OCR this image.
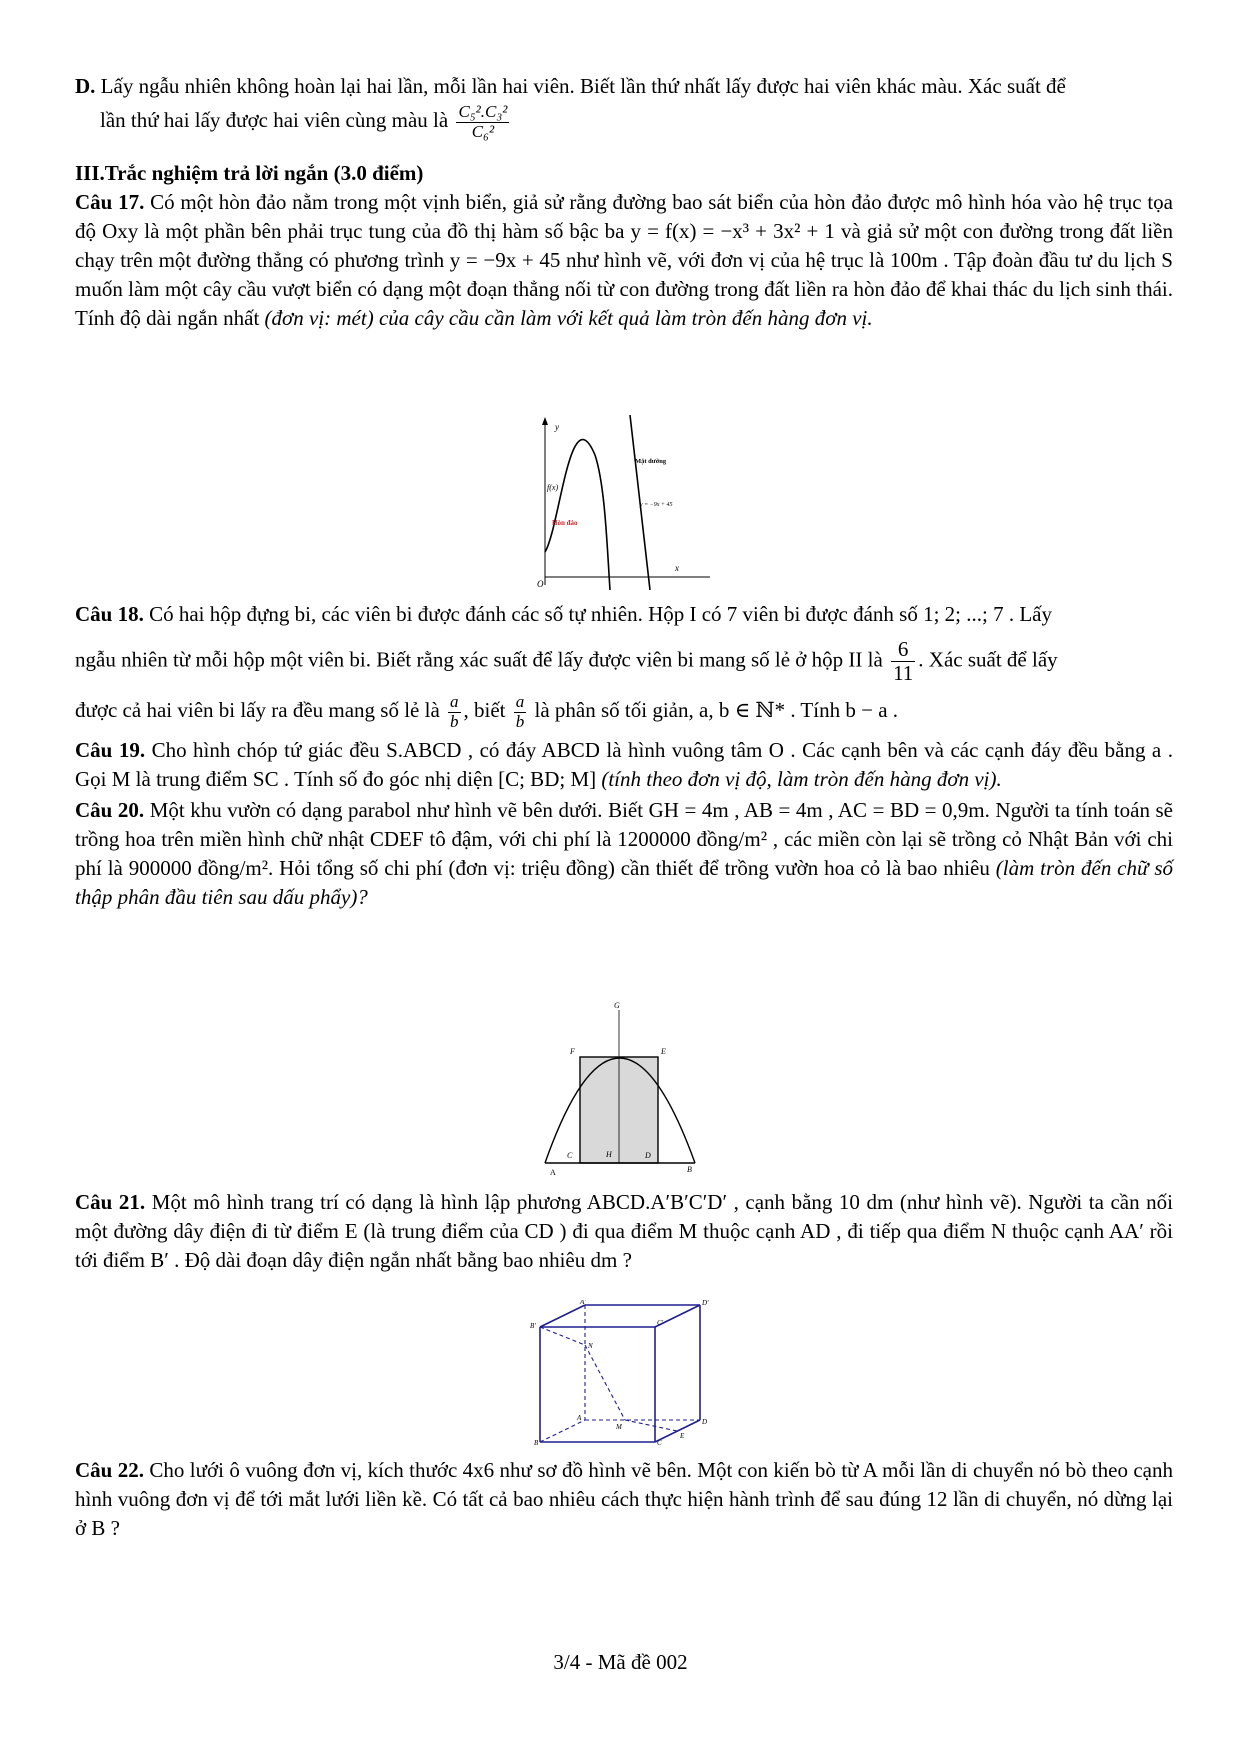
D. Lấy ngẫu nhiên không hoàn lại hai lần, mỗi lần hai viên. Biết lần thứ nhất lấy được hai viên khác màu. Xác suất để

lần thứ hai lấy được hai viên cùng màu là $\frac{\text{C₅².C₃²}}{\text{C₆²}}$

III.Trắc nghiệm trả lời ngắn (3.0 điểm)

Câu 17. Có một hòn đảo nằm trong một vịnh biển, giả sử rằng đường bao sát biển của hòn đảo được mô hình hóa vào hệ trục tọa độ Oxy là một phần bên phải trục tung của đồ thị hàm số bậc ba y = f(x) = −x³ + 3x² + 1 và giả sử một con đường trong đất liền chạy trên một đường thẳng có phương trình y = −9x + 45 như hình vẽ, với đơn vị của hệ trục là 100m . Tập đoàn đầu tư du lịch S muốn làm một cây cầu vượt biển có dạng một đoạn thẳng nối từ con đường trong đất liền ra hòn đảo để khai thác du lịch sinh thái. Tính độ dài ngắn nhất (đơn vị: mét) của cây cầu cần làm với kết quả làm tròn đến hàng đơn vị.

y
x
O
f(x)
Hòn đảo
Mặt đường
y = −9x + 45

Câu 18. Có hai hộp đựng bi, các viên bi được đánh các số tự nhiên. Hộp I có 7 viên bi được đánh số 1; 2; ...; 7 . Lấy

ngẫu nhiên từ mỗi hộp một viên bi. Biết rằng xác suất để lấy được viên bi mang số lẻ ở hộp II là $\frac{6}{11}$ . Xác suất để lấy

được cả hai viên bi lấy ra đều mang số lẻ là $\frac{a}{b}$ , biết $\frac{a}{b}$ là phân số tối giản, a, b ∈ ℕ* . Tính b − a .

Câu 19. Cho hình chóp tứ giác đều S.ABCD , có đáy ABCD là hình vuông tâm O . Các cạnh bên và các cạnh đáy đều bằng a . Gọi M là trung điểm SC . Tính số đo góc nhị diện [C; BD; M] (tính theo đơn vị độ, làm tròn đến hàng đơn vị).

Câu 20. Một khu vườn có dạng parabol như hình vẽ bên dưới. Biết GH = 4m , AB = 4m , AC = BD = 0,9m. Người ta tính toán sẽ trồng hoa trên miền hình chữ nhật CDEF tô đậm, với chi phí là 1200000 đồng/m² , các miền còn lại sẽ trồng cỏ Nhật Bản với chi phí là 900000 đồng/m². Hỏi tổng số chi phí (đơn vị: triệu đồng) cần thiết để trồng vườn hoa cỏ là bao nhiêu (làm tròn đến chữ số thập phân đầu tiên sau dấu phẩy)?

G
F	E
C	H	D
A	B

Câu 21. Một mô hình trang trí có dạng là hình lập phương ABCD.A′B′C′D′ , cạnh bằng 10 dm (như hình vẽ). Người ta cần nối một đường dây điện đi từ điểm E (là trung điểm của CD ) đi qua điểm M thuộc cạnh AD , đi tiếp qua điểm N thuộc cạnh AA′ rồi tới điểm B′ . Độ dài đoạn dây điện ngắn nhất bằng bao nhiêu dm ?

A'	D'
B'	C'
N
A	D
M
E
B	C

Câu 22. Cho lưới ô vuông đơn vị, kích thước 4x6 như sơ đồ hình vẽ bên. Một con kiến bò từ A mỗi lần di chuyển nó bò theo cạnh hình vuông đơn vị để tới mắt lưới liền kề. Có tất cả bao nhiêu cách thực hiện hành trình để sau đúng 12 lần di chuyển, nó dừng lại ở B ?

3/4 - Mã đề 002
